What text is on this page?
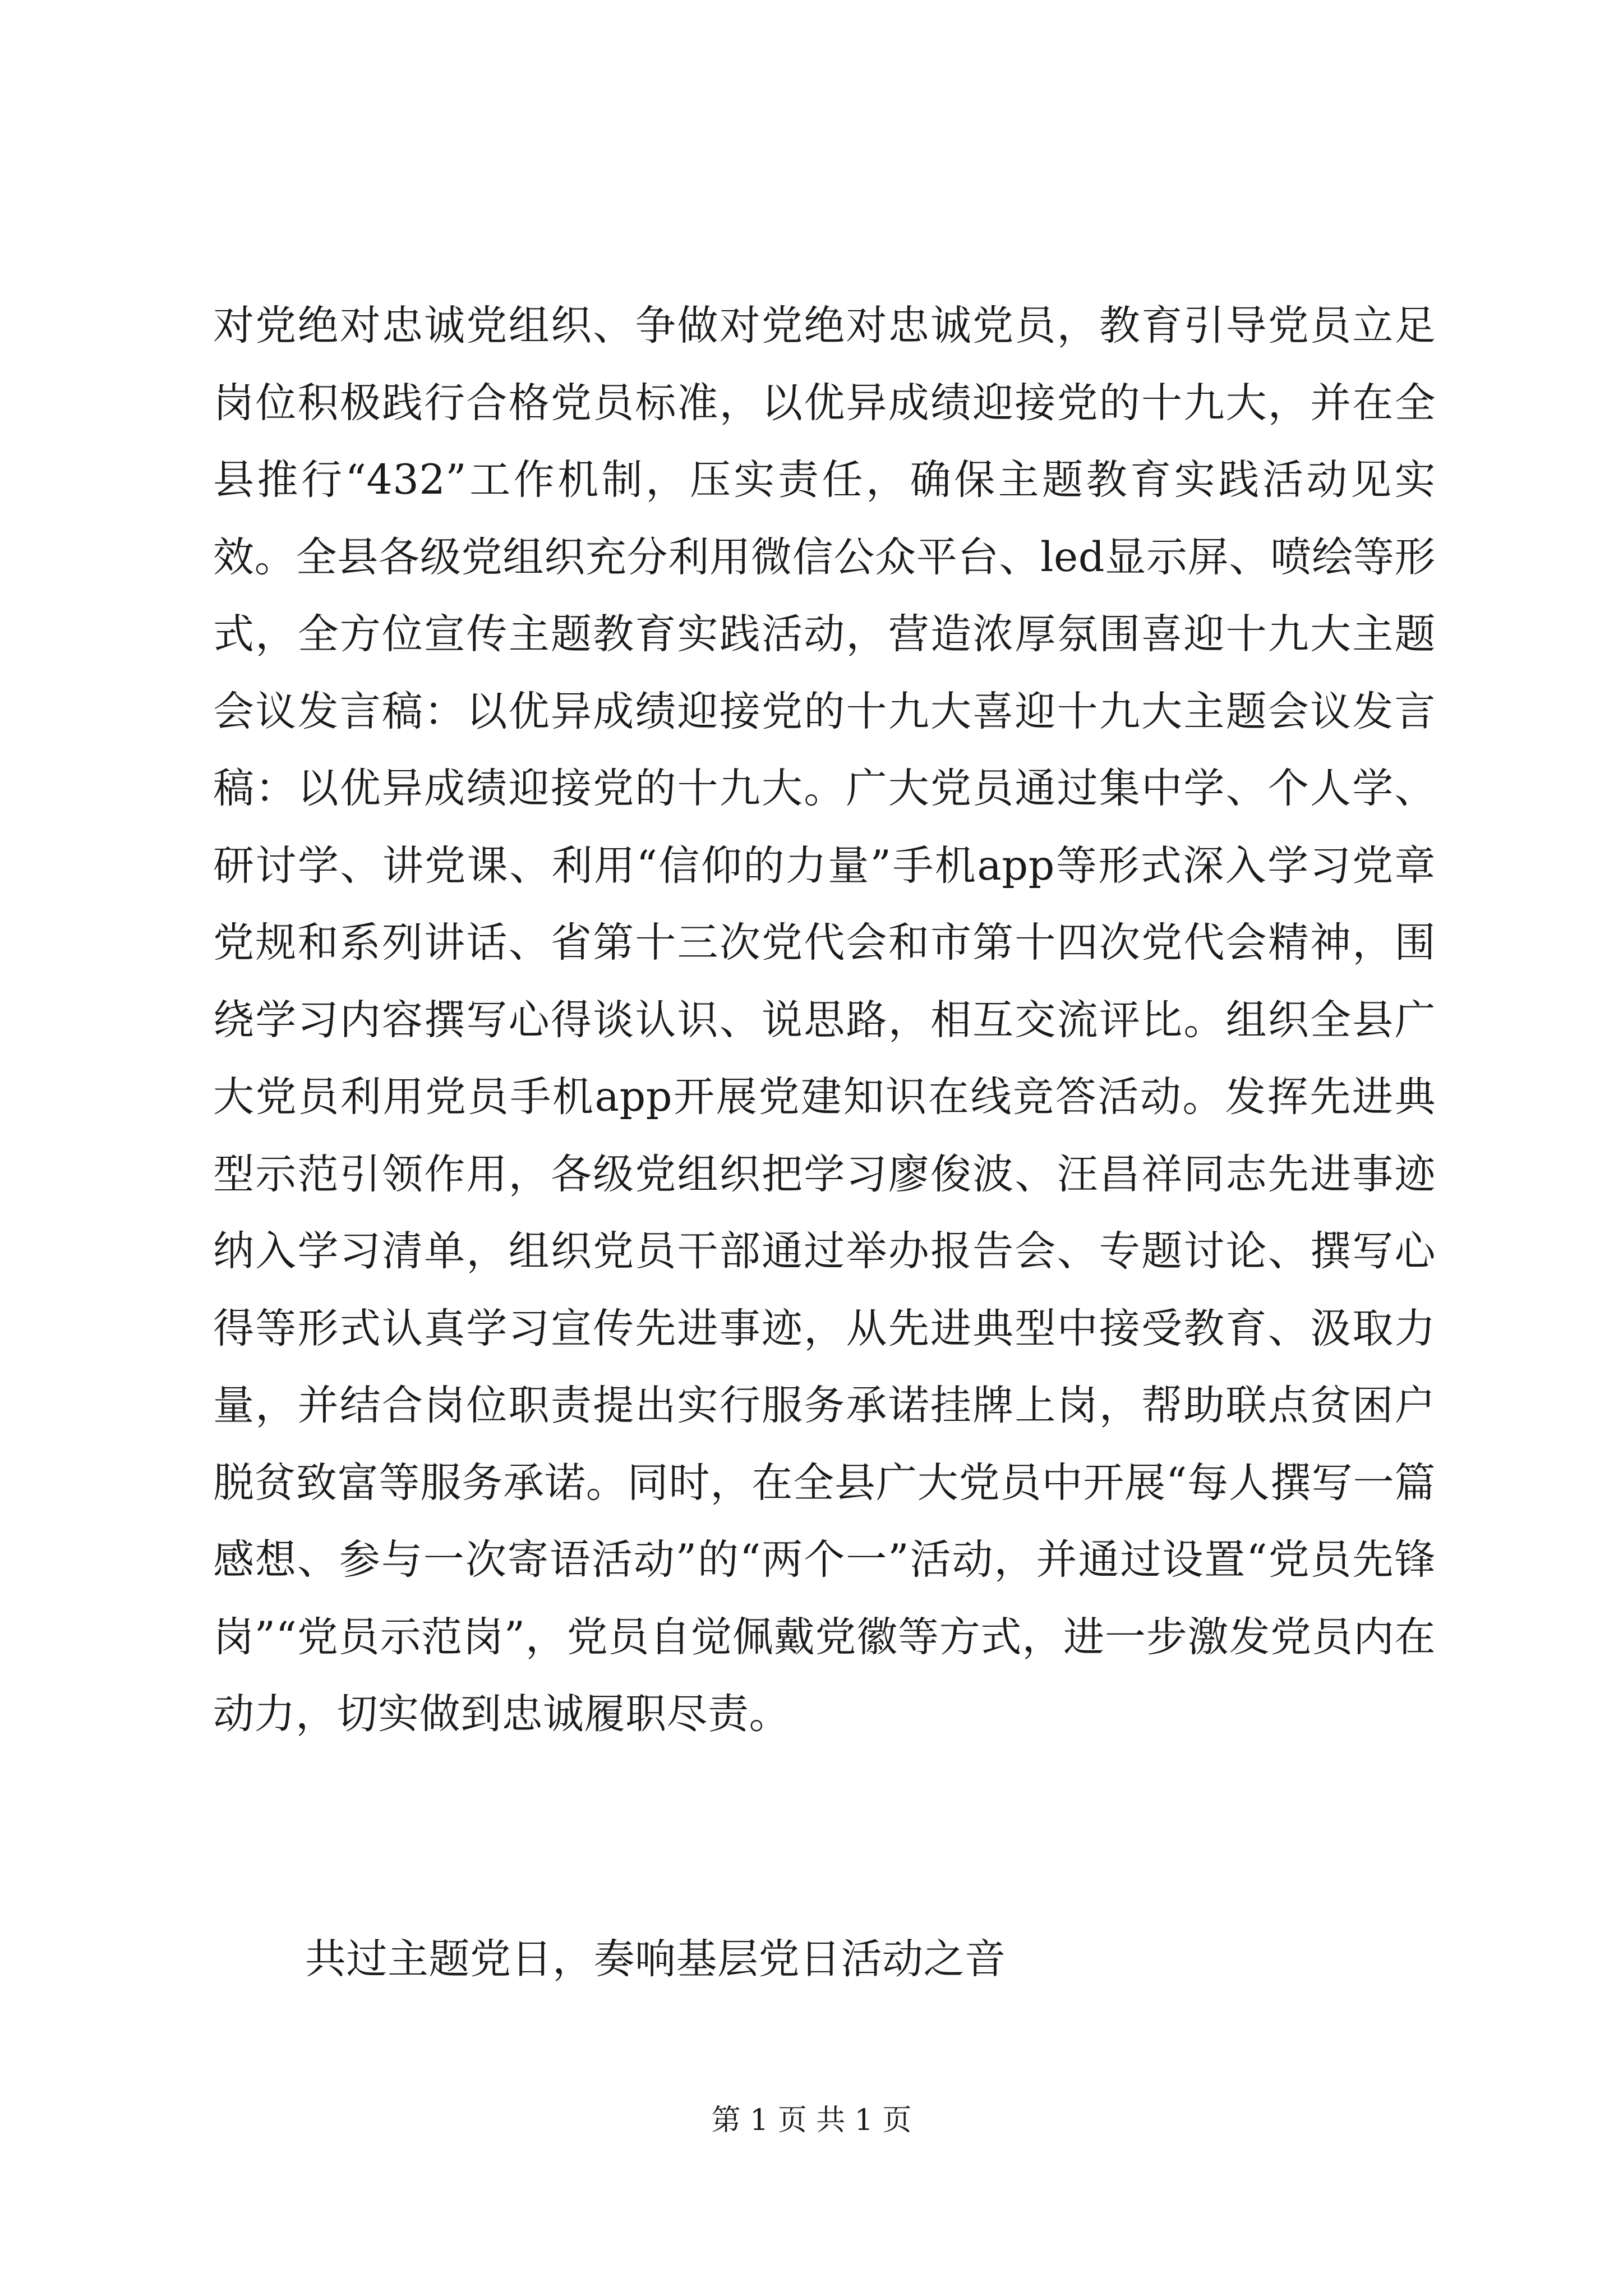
对党绝对忠诚党组织、争做对党绝对忠诚党员，教育引导党员立足岗位积极践行合格党员标准，以优异成绩迎接党的十九大，并在全县推行“432”工作机制，压实责任，确保主题教育实践活动见实效。全县各级党组织充分利用微信公众平台、led显示屏、喷绘等形式，全方位宣传主题教育实践活动，营造浓厚氛围喜迎十九大主题会议发言稿：以优异成绩迎接党的十九大喜迎十九大主题会议发言稿：以优异成绩迎接党的十九大。广大党员通过集中学、个人学、研讨学、讲党课、利用“信仰的力量”手机app等形式深入学习党章党规和系列讲话、省第十三次党代会和市第十四次党代会精神，围绕学习内容撰写心得谈认识、说思路，相互交流评比。组织全县广大党员利用党员手机app开展党建知识在线竞答活动。发挥先进典型示范引领作用，各级党组织把学习廖俊波、汪昌祥同志先进事迹纳入学习清单，组织党员干部通过举办报告会、专题讨论、撰写心得等形式认真学习宣传先进事迹，从先进典型中接受教育、汲取力量，并结合岗位职责提出实行服务承诺挂牌上岗，帮助联点贫困户脱贫致富等服务承诺。同时，在全县广大党员中开展“每人撰写一篇感想、参与一次寄语活动”的“两个一”活动，并通过设置“党员先锋岗”“党员示范岗”，党员自觉佩戴党徽等方式，进一步激发党员内在动力，切实做到忠诚履职尽责。

共过主题党日，奏响基层党日活动之音

第 1 页 共 1 页
